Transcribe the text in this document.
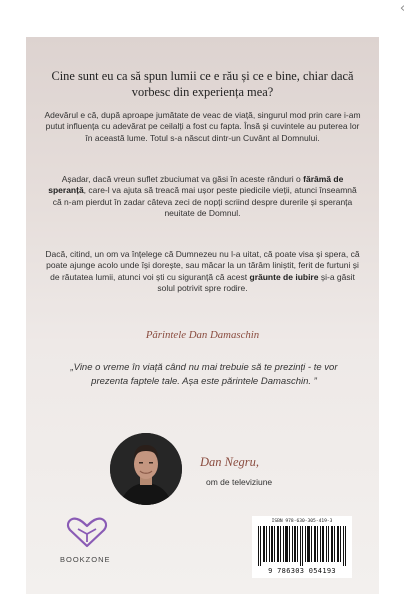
‹
Cine sunt eu ca să spun lumii ce e rău și ce e bine, chiar dacă vorbesc din experiența mea?
Adevărul e că, după aproape jumătate de veac de viață, singurul mod prin care i-am putut influența cu adevărat pe ceilalți a fost cu fapta. Însă și cuvintele au puterea lor în această lume. Totul s-a născut dintr-un Cuvânt al Domnului.
Așadar, dacă vreun suflet zbuciumat va găsi în aceste rânduri o fărâmă de speranță, care-l va ajuta să treacă mai ușor peste piedicile vieții, atunci înseamnă că n-am pierdut în zadar câteva zeci de nopți scriind despre durerile și speranța neuitate de Domnul.
Dacă, citind, un om va înțelege că Dumnezeu nu l-a uitat, că poate visa și spera, că poate ajunge acolo unde își dorește, sau măcar la un tărâm liniștit, ferit de furtuni și de răutatea lumii, atunci voi ști cu siguranță că acest grăunte de iubire și-a găsit solul potrivit spre rodire.
Părintele Dan Damaschin
„Vine o vreme în viață când nu mai trebuie să te prezinți - te vor prezenta faptele tale. Așa este părintele Damaschin. ”
Dan Negru,
om de televiziune
BOOKZONE
ISBN 978-630-305-419-3
9 786303 054193
